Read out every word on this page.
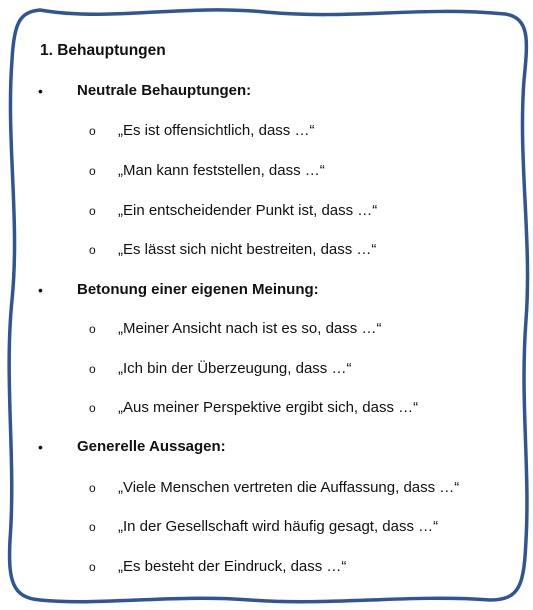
1. Behauptungen
• Neutrale Behauptungen:
o „Es ist offensichtlich, dass …“
o „Man kann feststellen, dass …“
o „Ein entscheidender Punkt ist, dass …“
o „Es lässt sich nicht bestreiten, dass …“
• Betonung einer eigenen Meinung:
o „Meiner Ansicht nach ist es so, dass …“
o „Ich bin der Überzeugung, dass …“
o „Aus meiner Perspektive ergibt sich, dass …“
• Generelle Aussagen:
o „Viele Menschen vertreten die Auffassung, dass …“
o „In der Gesellschaft wird häufig gesagt, dass …“
o „Es besteht der Eindruck, dass …“
